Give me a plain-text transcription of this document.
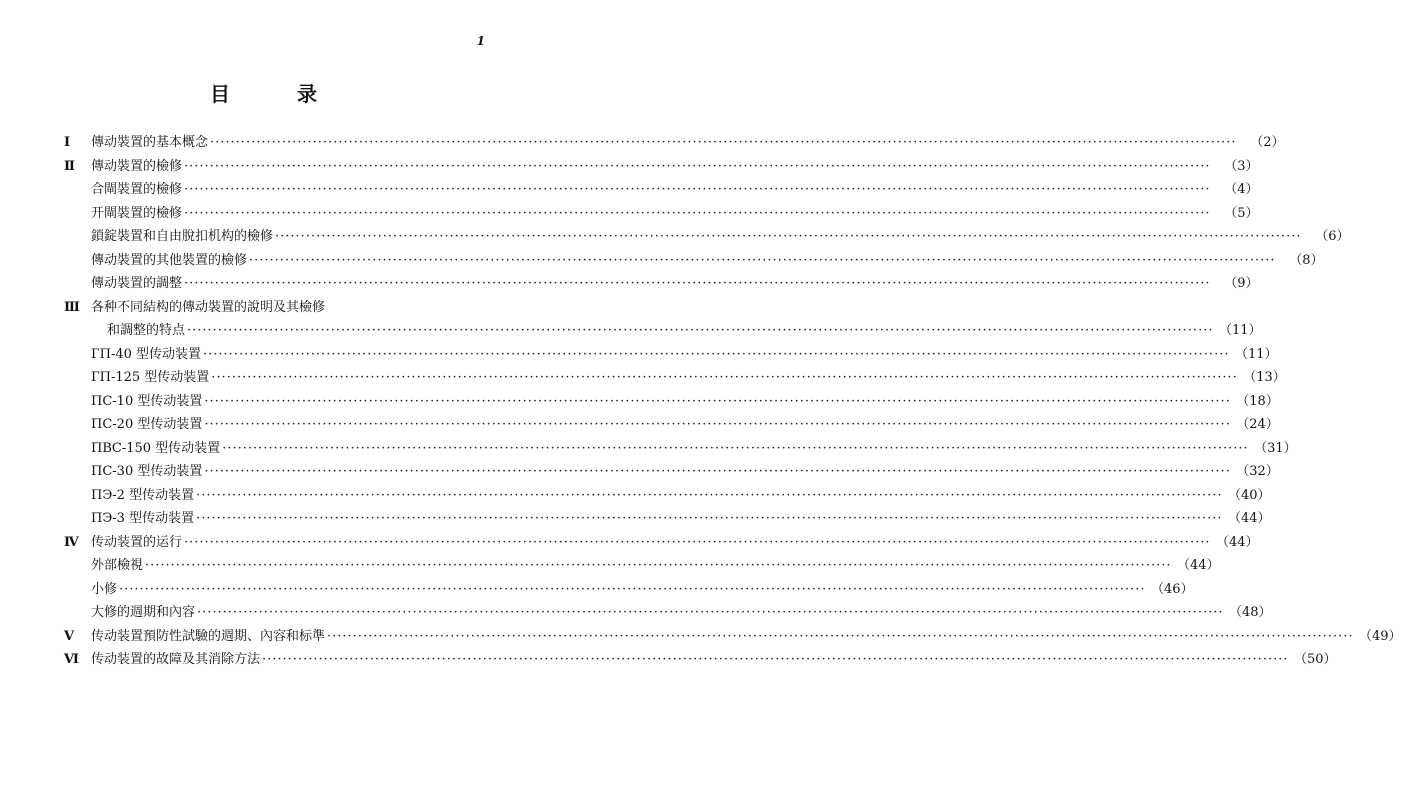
1
目 录
Ⅰ	傳动裝置的基本概念 ········································································································································································································	（2）
Ⅱ	傳动裝置的檢修 ········································································································································································································	（3）
合閘裝置的檢修 ········································································································································································································	（4）
开閘裝置的檢修 ········································································································································································································	（5）
鎖錠裝置和自由脫扣机构的檢修 ········································································································································································································	（6）
傳动裝置的其他裝置的檢修 ········································································································································································································	（8）
傳动裝置的調整 ········································································································································································································	（9）
Ⅲ 各种不同結构的傳动裝置的說明及其檢修
和調整的特点 ········································································································································································································ （11）
ГП-40 型传动装置 ········································································································································································································ （11）
ГП-125 型传动装置 ········································································································································································································ （13）
ПС-10 型传动装置 ········································································································································································································ （18）
ПС-20 型传动装置 ········································································································································································································ （24）
ПВС-150 型传动装置 ········································································································································································································ （31）
ПС-30 型传动装置 ········································································································································································································ （32）
ПЭ-2 型传动装置 ········································································································································································································ （40）
ПЭ-3 型传动装置 ········································································································································································································ （44）
Ⅳ 传动装置的运行 ········································································································································································································ （44）
外部檢視 ········································································································································································································ （44）
小修 ········································································································································································································ （46）
大修的週期和內容 ········································································································································································································ （48）
Ⅴ	传动装置預防性試驗的週期、內容和标準 ········································································································································································································ （49）
Ⅵ 传动装置的故障及其消除方法 ········································································································································································································ （50）
